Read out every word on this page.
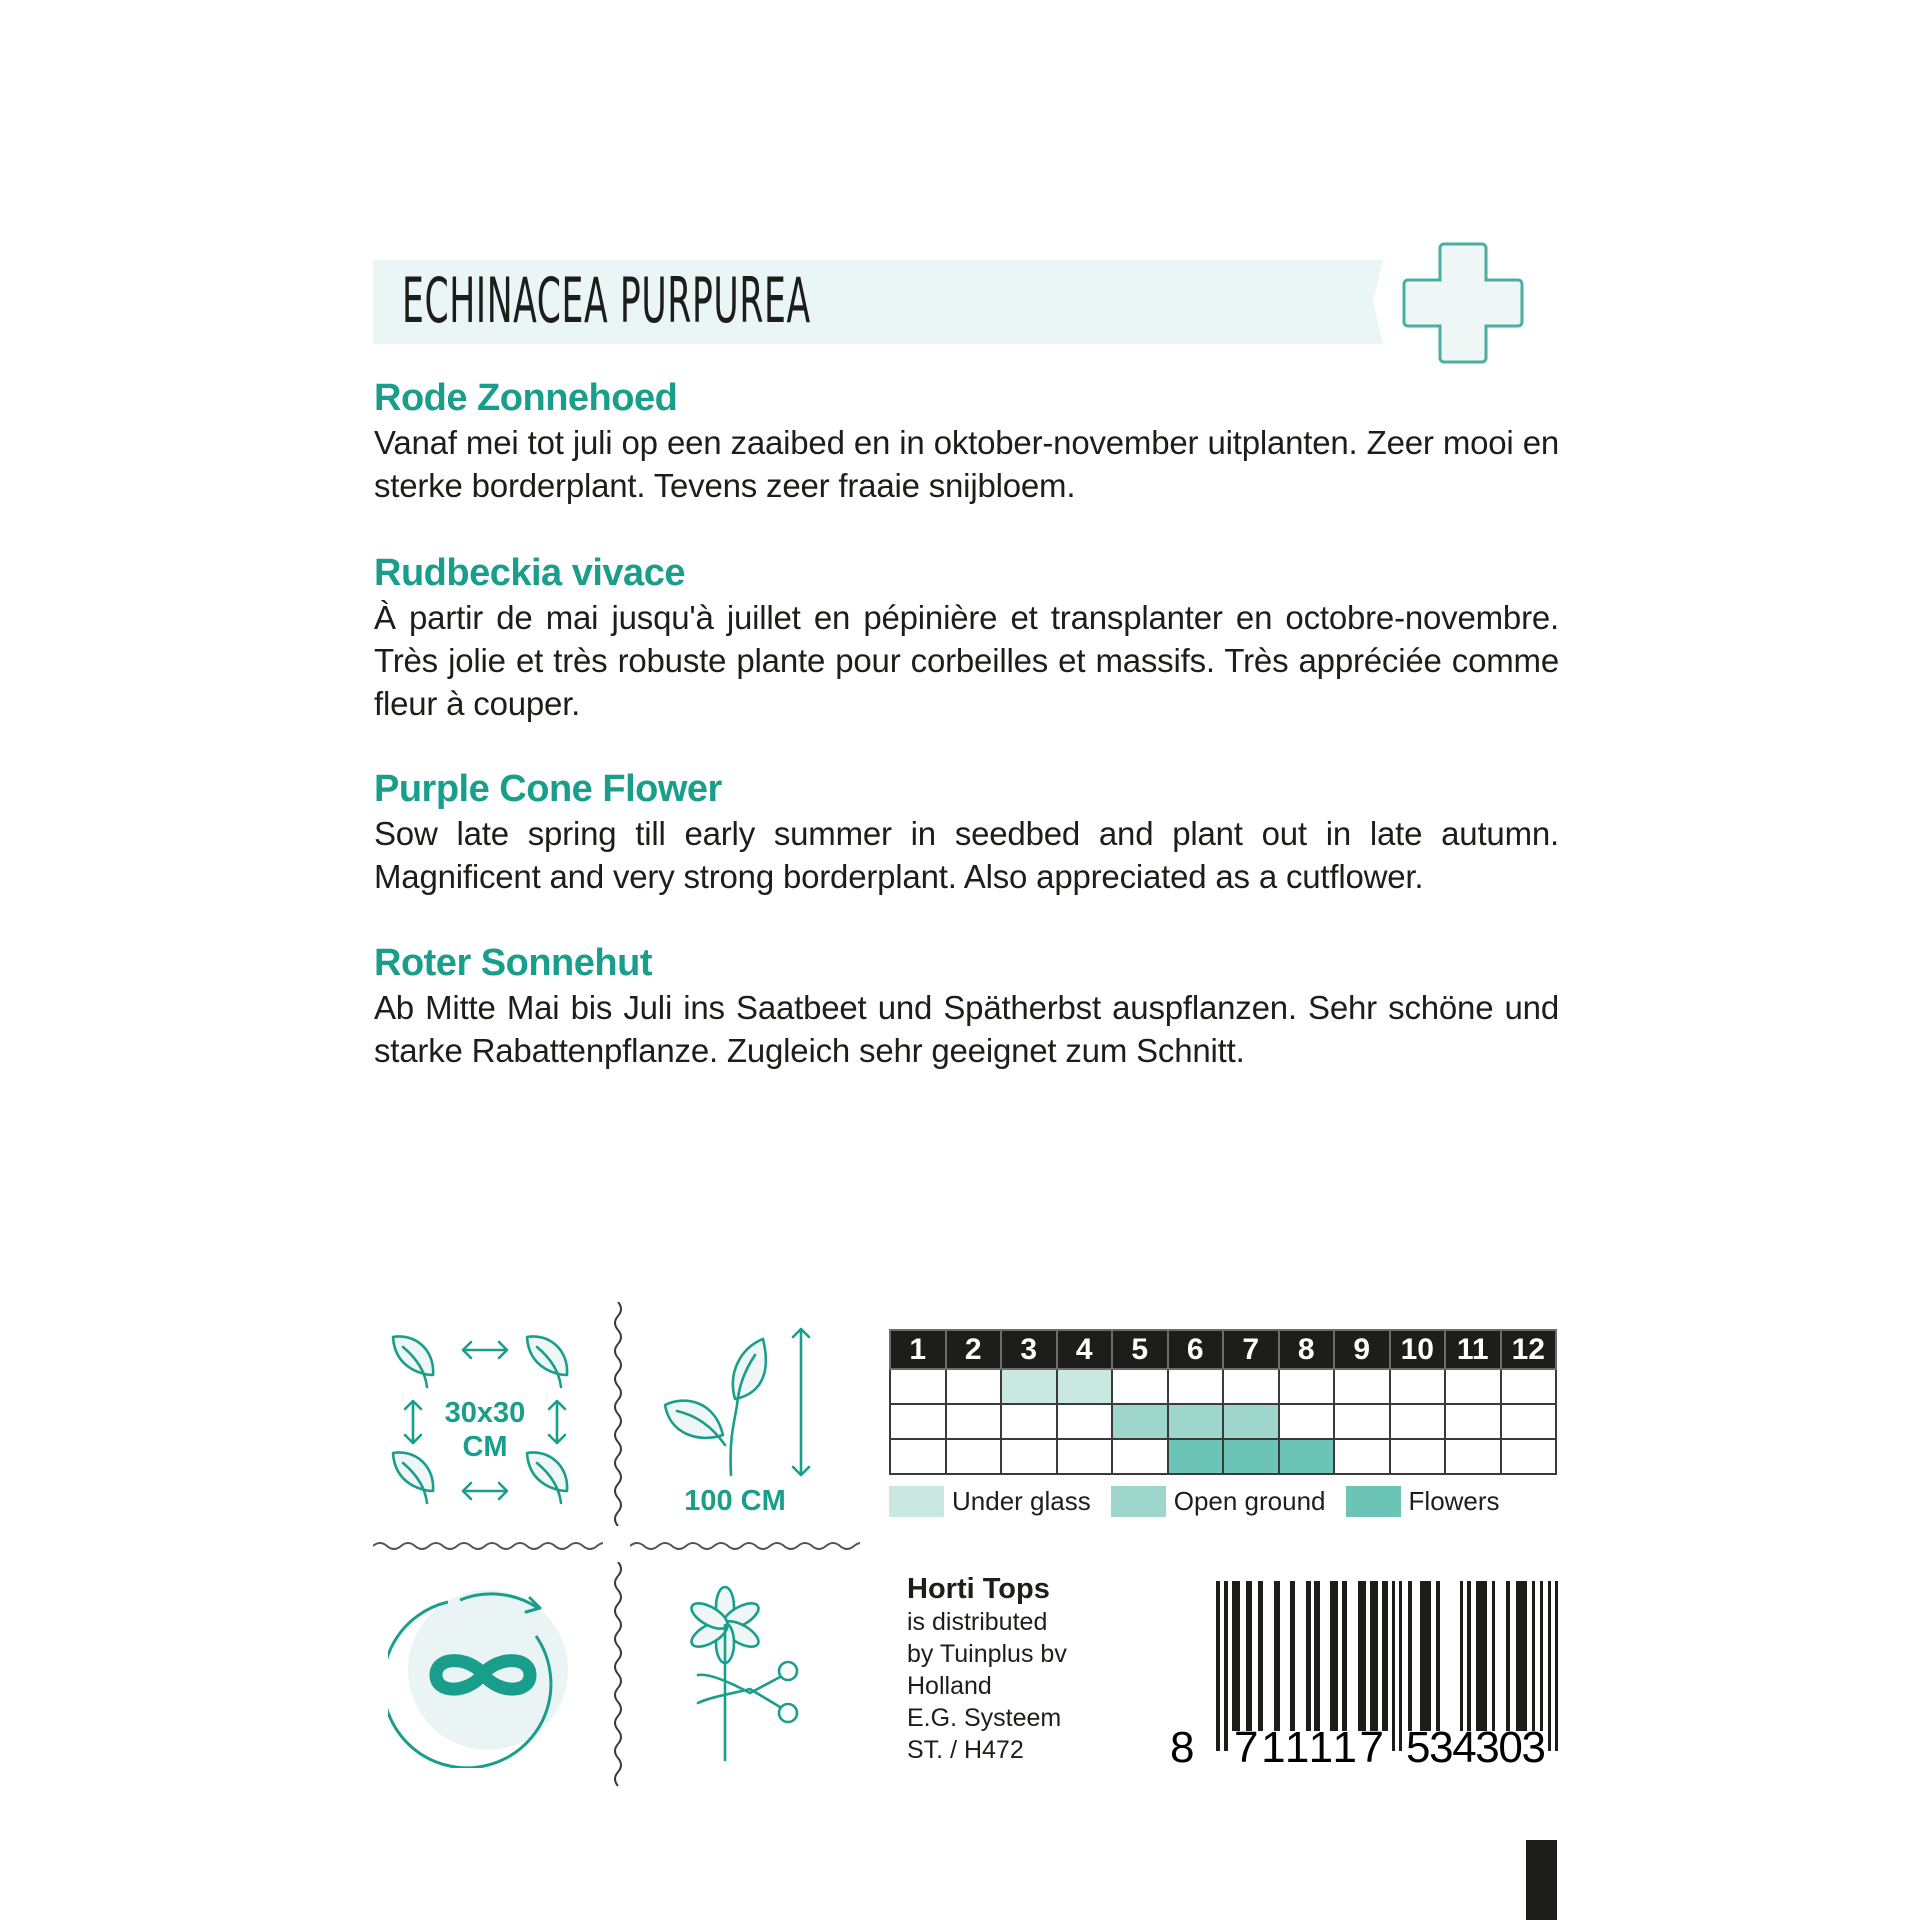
ECHINACEA PURPUREA
Rode Zonnehoed

Vanaf mei tot juli op een zaaibed en in oktober-november uitplanten. Zeer mooi en sterke borderplant. Tevens zeer fraaie snijbloem.

Rudbeckia vivace

À partir de mai jusqu'à juillet en pépinière et transplanter en octobre-novembre. Très jolie et très robuste plante pour corbeilles et massifs. Très appréciée comme fleur à couper.

Purple Cone Flower

Sow late spring till early summer in seedbed and plant out in late autumn. Magnificent and very strong borderplant. Also appreciated as a cutflower.

Roter Sonnehut

Ab Mitte Mai bis Juli ins Saatbeet und Spätherbst auspflanzen. Sehr schöne und starke Rabattenpflanze. Zugleich sehr geeignet zum Schnitt.

30x30
CM
100 CM
1	2	3	4	5	6	7	8	9	10	11	12

Under glass	Open ground	Flowers
Horti Tops
is distributed
by Tuinplus bv
Holland
E.G. Systeem
ST. / H472	8 711117 534303
